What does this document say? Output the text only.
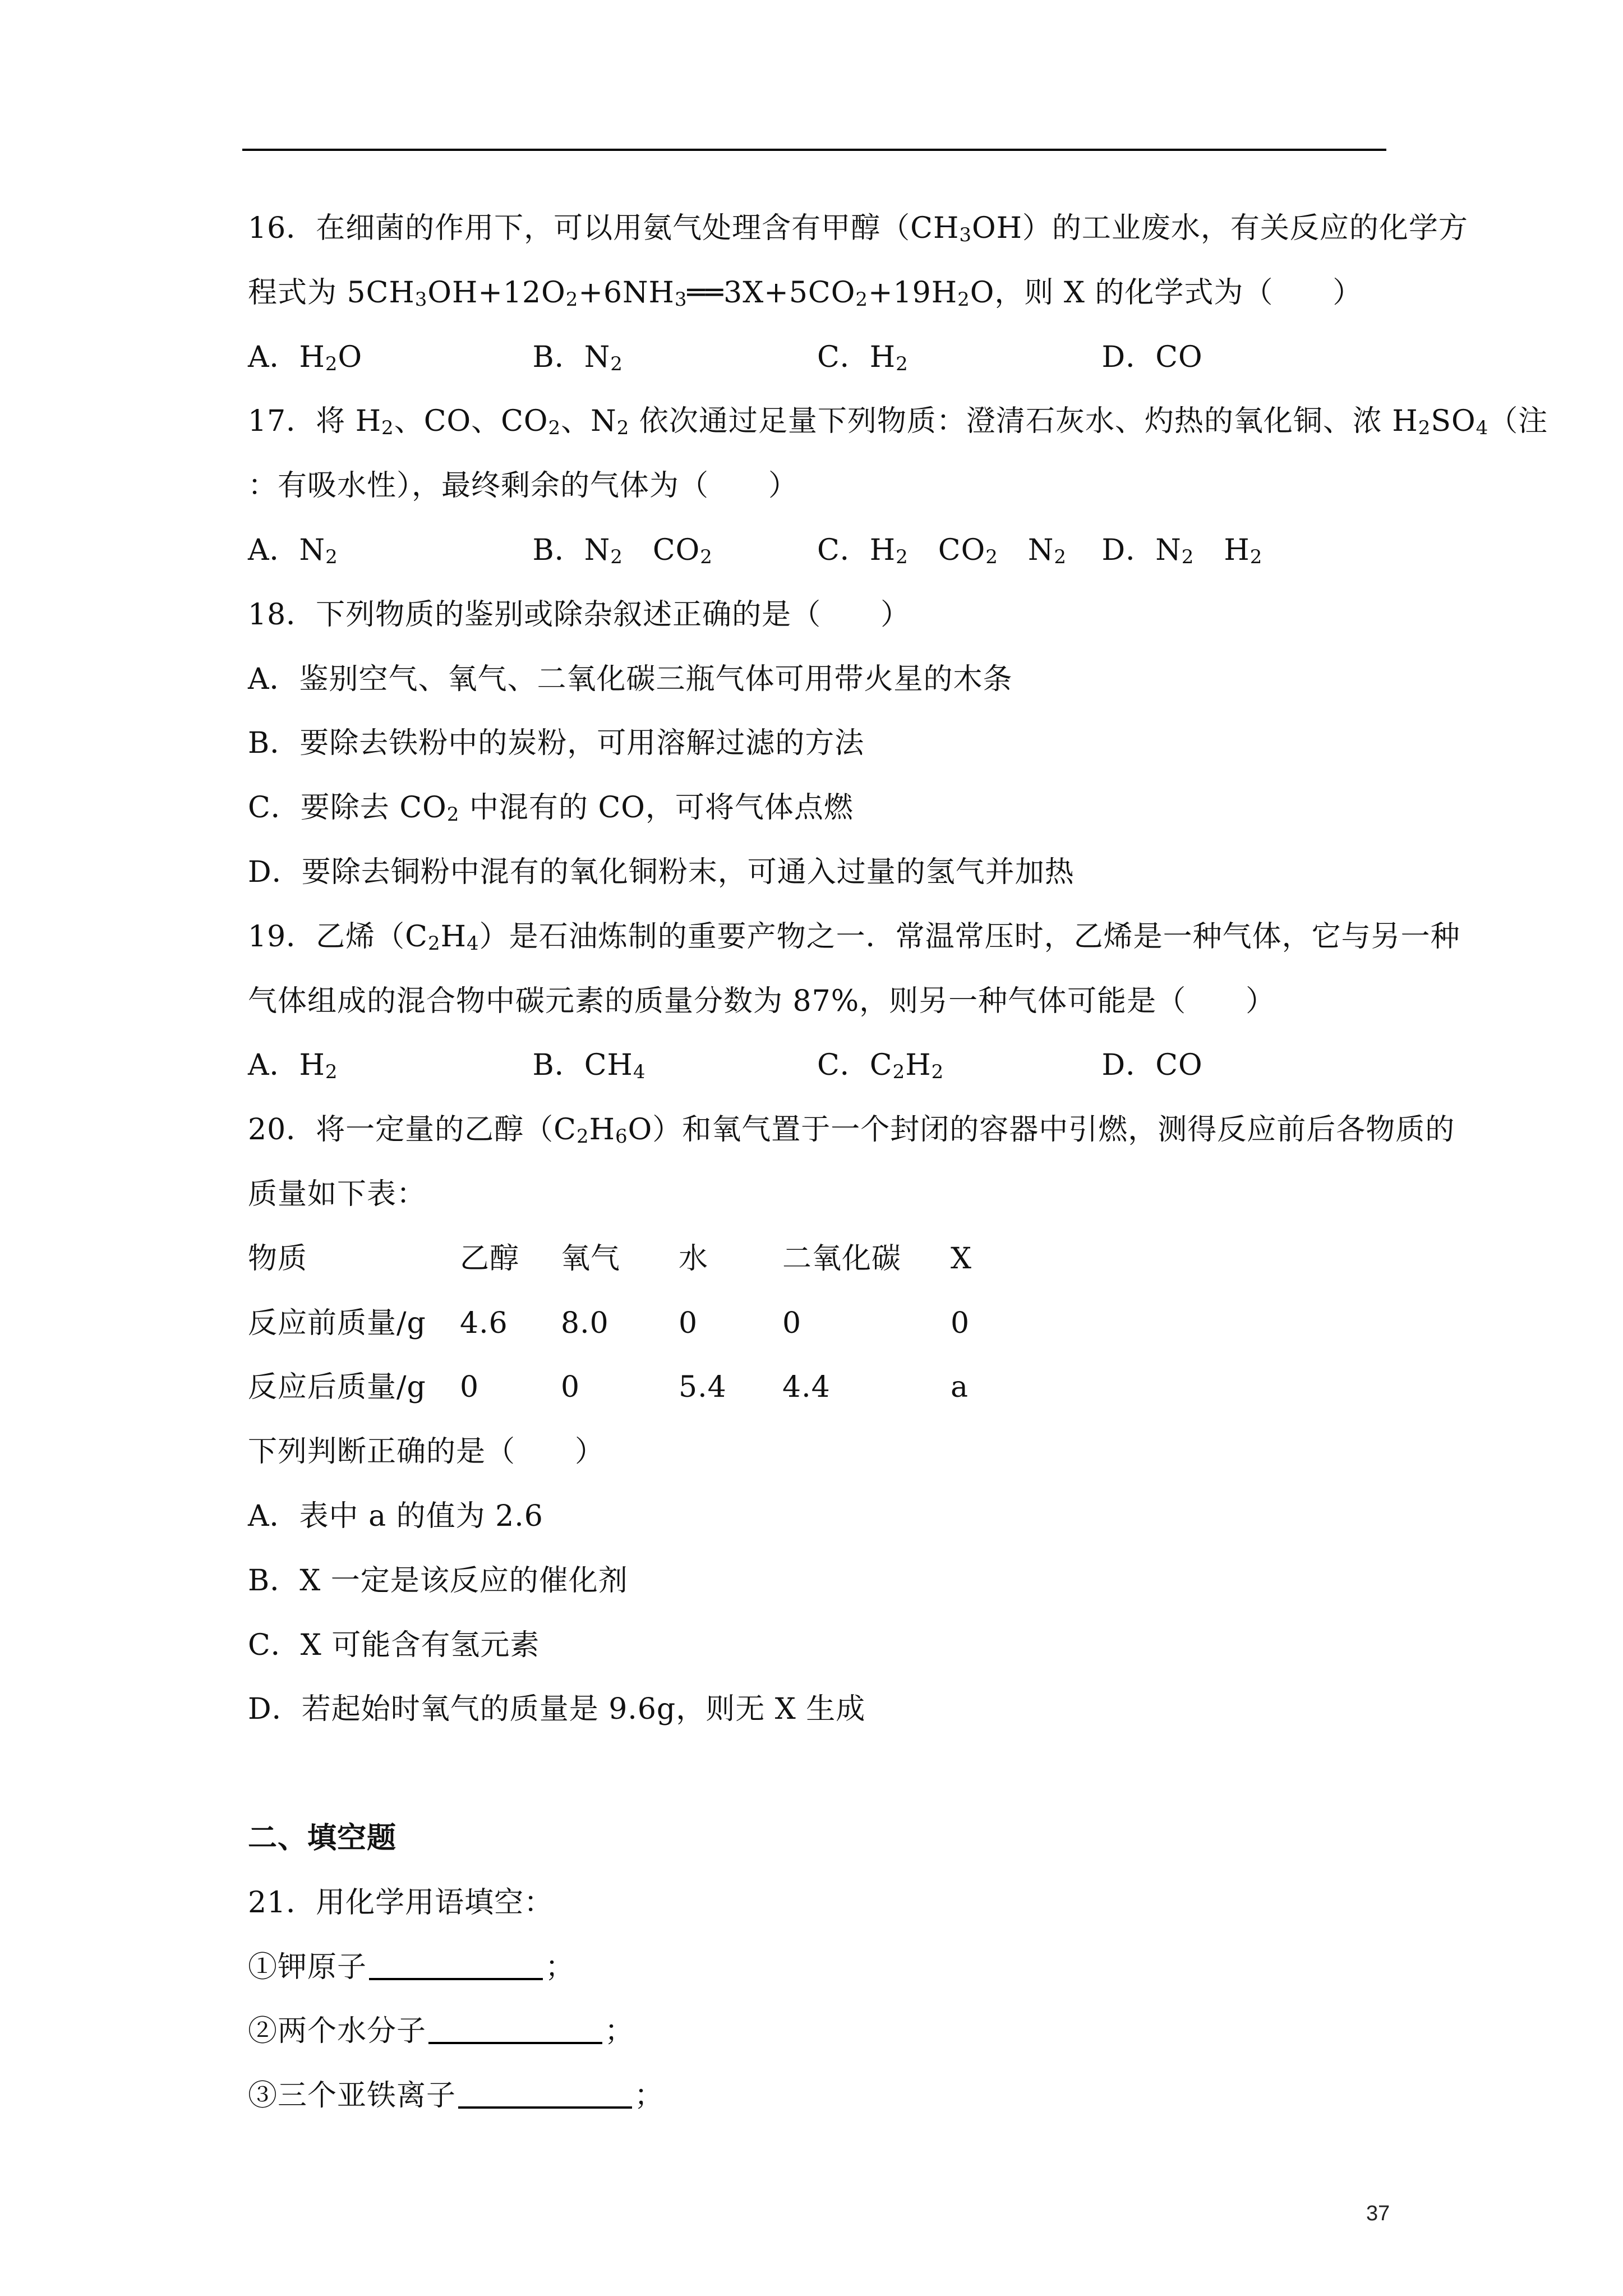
16．在细菌的作用下，可以用氨气处理含有甲醇$(CH_3OH)$的工业废水，有关反应的化学方
程式为 $5CH_3OH+12O_2+6NH_3══3X+5CO_2+19H_2O$，则 X 的化学式为（　　）
A．$H_2O$	B．$N_2$	C．$H_2$	D．CO
17．将 $H_2$、CO、$CO_2$、$N_2$ 依次通过足量下列物质：澄清石灰水、灼热的氧化铜、浓 $H_2SO_4$（注
：有吸水性），最终剩余的气体为（　　）
A．$N_2$	B．$N_2$　$CO_2$	C．$H_2$　$CO_2$　$N_2$	D．$N_2$　$H_2$
18．下列物质的鉴别或除杂叙述正确的是（　　）
A．鉴别空气、氧气、二氧化碳三瓶气体可用带火星的木条
B．要除去铁粉中的炭粉，可用溶解过滤的方法
C．要除去 $CO_2$ 中混有的 CO，可将气体点燃
D．要除去铜粉中混有的氧化铜粉末，可通入过量的氢气并加热
19．乙烯$(C_2H_4)$是石油炼制的重要产物之一．常温常压时，乙烯是一种气体，它与另一种
气体组成的混合物中碳元素的质量分数为 87%，则另一种气体可能是（　　）
A．$H_2$	B．$CH_4$	C．$C_2H_2$	D．CO
20．将一定量的乙醇$(C_2H_6O)$和氧气置于一个封闭的容器中引燃，测得反应前后各物质的
质量如下表：
物质	乙醇	氧气	水	二氧化碳	X
反应前质量/g	4.6	8.0	0	0	0
反应后质量/g	0	0	5.4	4.4	a
下列判断正确的是（　　）
A．表中 a 的值为 2.6
B．X 一定是该反应的催化剂
C．X 可能含有氢元素
D．若起始时氧气的质量是 9.6g，则无 X 生成
二、填空题
21．用化学用语填空：
①钾原子	；
②两个水分子	；
③三个亚铁离子	；
37
